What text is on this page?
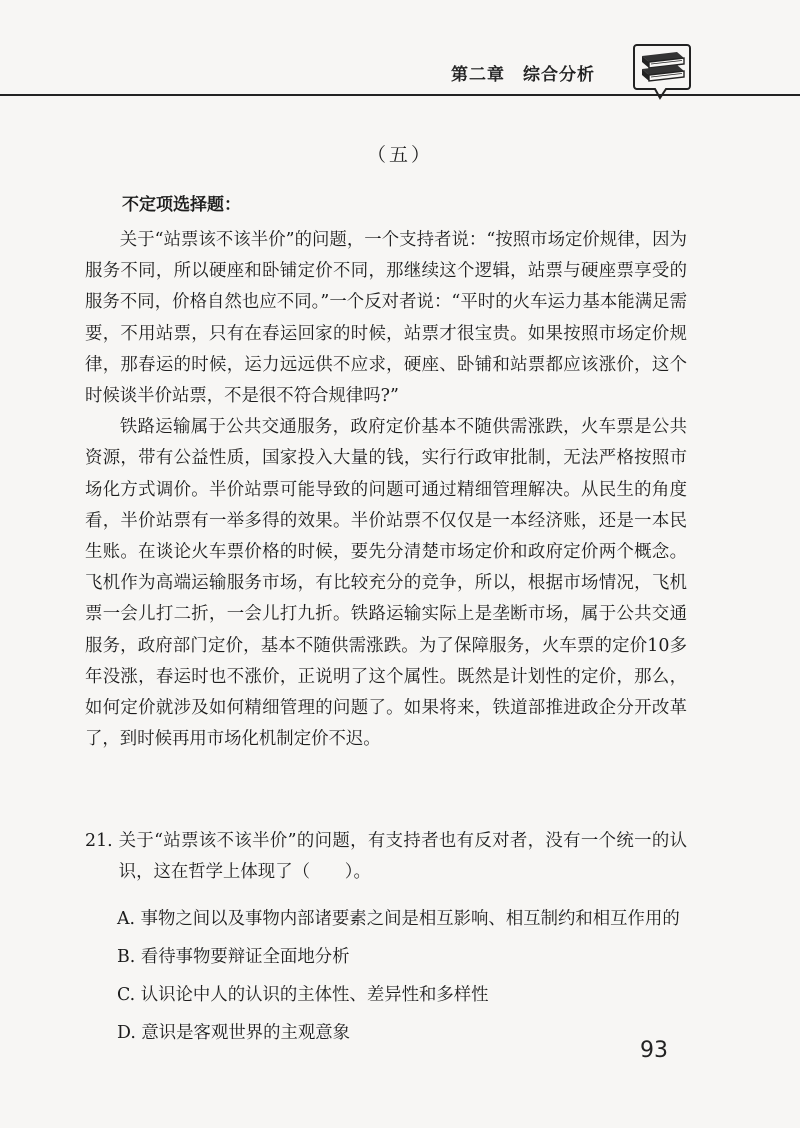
第二章　综合分析
（五）
不定项选择题：

关于“站票该不该半价”的问题，一个支持者说：“按照市场定价规律，因为服务不同，所以硬座和卧铺定价不同，那继续这个逻辑，站票与硬座票享受的服务不同，价格自然也应不同。”一个反对者说：“平时的火车运力基本能满足需要，不用站票，只有在春运回家的时候，站票才很宝贵。如果按照市场定价规律，那春运的时候，运力远远供不应求，硬座、卧铺和站票都应该涨价，这个时候谈半价站票，不是很不符合规律吗?”

铁路运输属于公共交通服务，政府定价基本不随供需涨跌，火车票是公共资源，带有公益性质，国家投入大量的钱，实行行政审批制，无法严格按照市场化方式调价。半价站票可能导致的问题可通过精细管理解决。从民生的角度看，半价站票有一举多得的效果。半价站票不仅仅是一本经济账，还是一本民生账。在谈论火车票价格的时候，要先分清楚市场定价和政府定价两个概念。飞机作为高端运输服务市场，有比较充分的竞争，所以，根据市场情况，飞机票一会儿打二折，一会儿打九折。铁路运输实际上是垄断市场，属于公共交通服务，政府部门定价，基本不随供需涨跌。为了保障服务，火车票的定价10多年没涨，春运时也不涨价，正说明了这个属性。既然是计划性的定价，那么，如何定价就涉及如何精细管理的问题了。如果将来，铁道部推进政企分开改革了，到时候再用市场化机制定价不迟。

21. 关于“站票该不该半价”的问题，有支持者也有反对者，没有一个统一的认识，这在哲学上体现了（　　）。
A. 事物之间以及事物内部诸要素之间是相互影响、相互制约和相互作用的
B. 看待事物要辩证全面地分析
C. 认识论中人的认识的主体性、差异性和多样性
D. 意识是客观世界的主观意象
93
